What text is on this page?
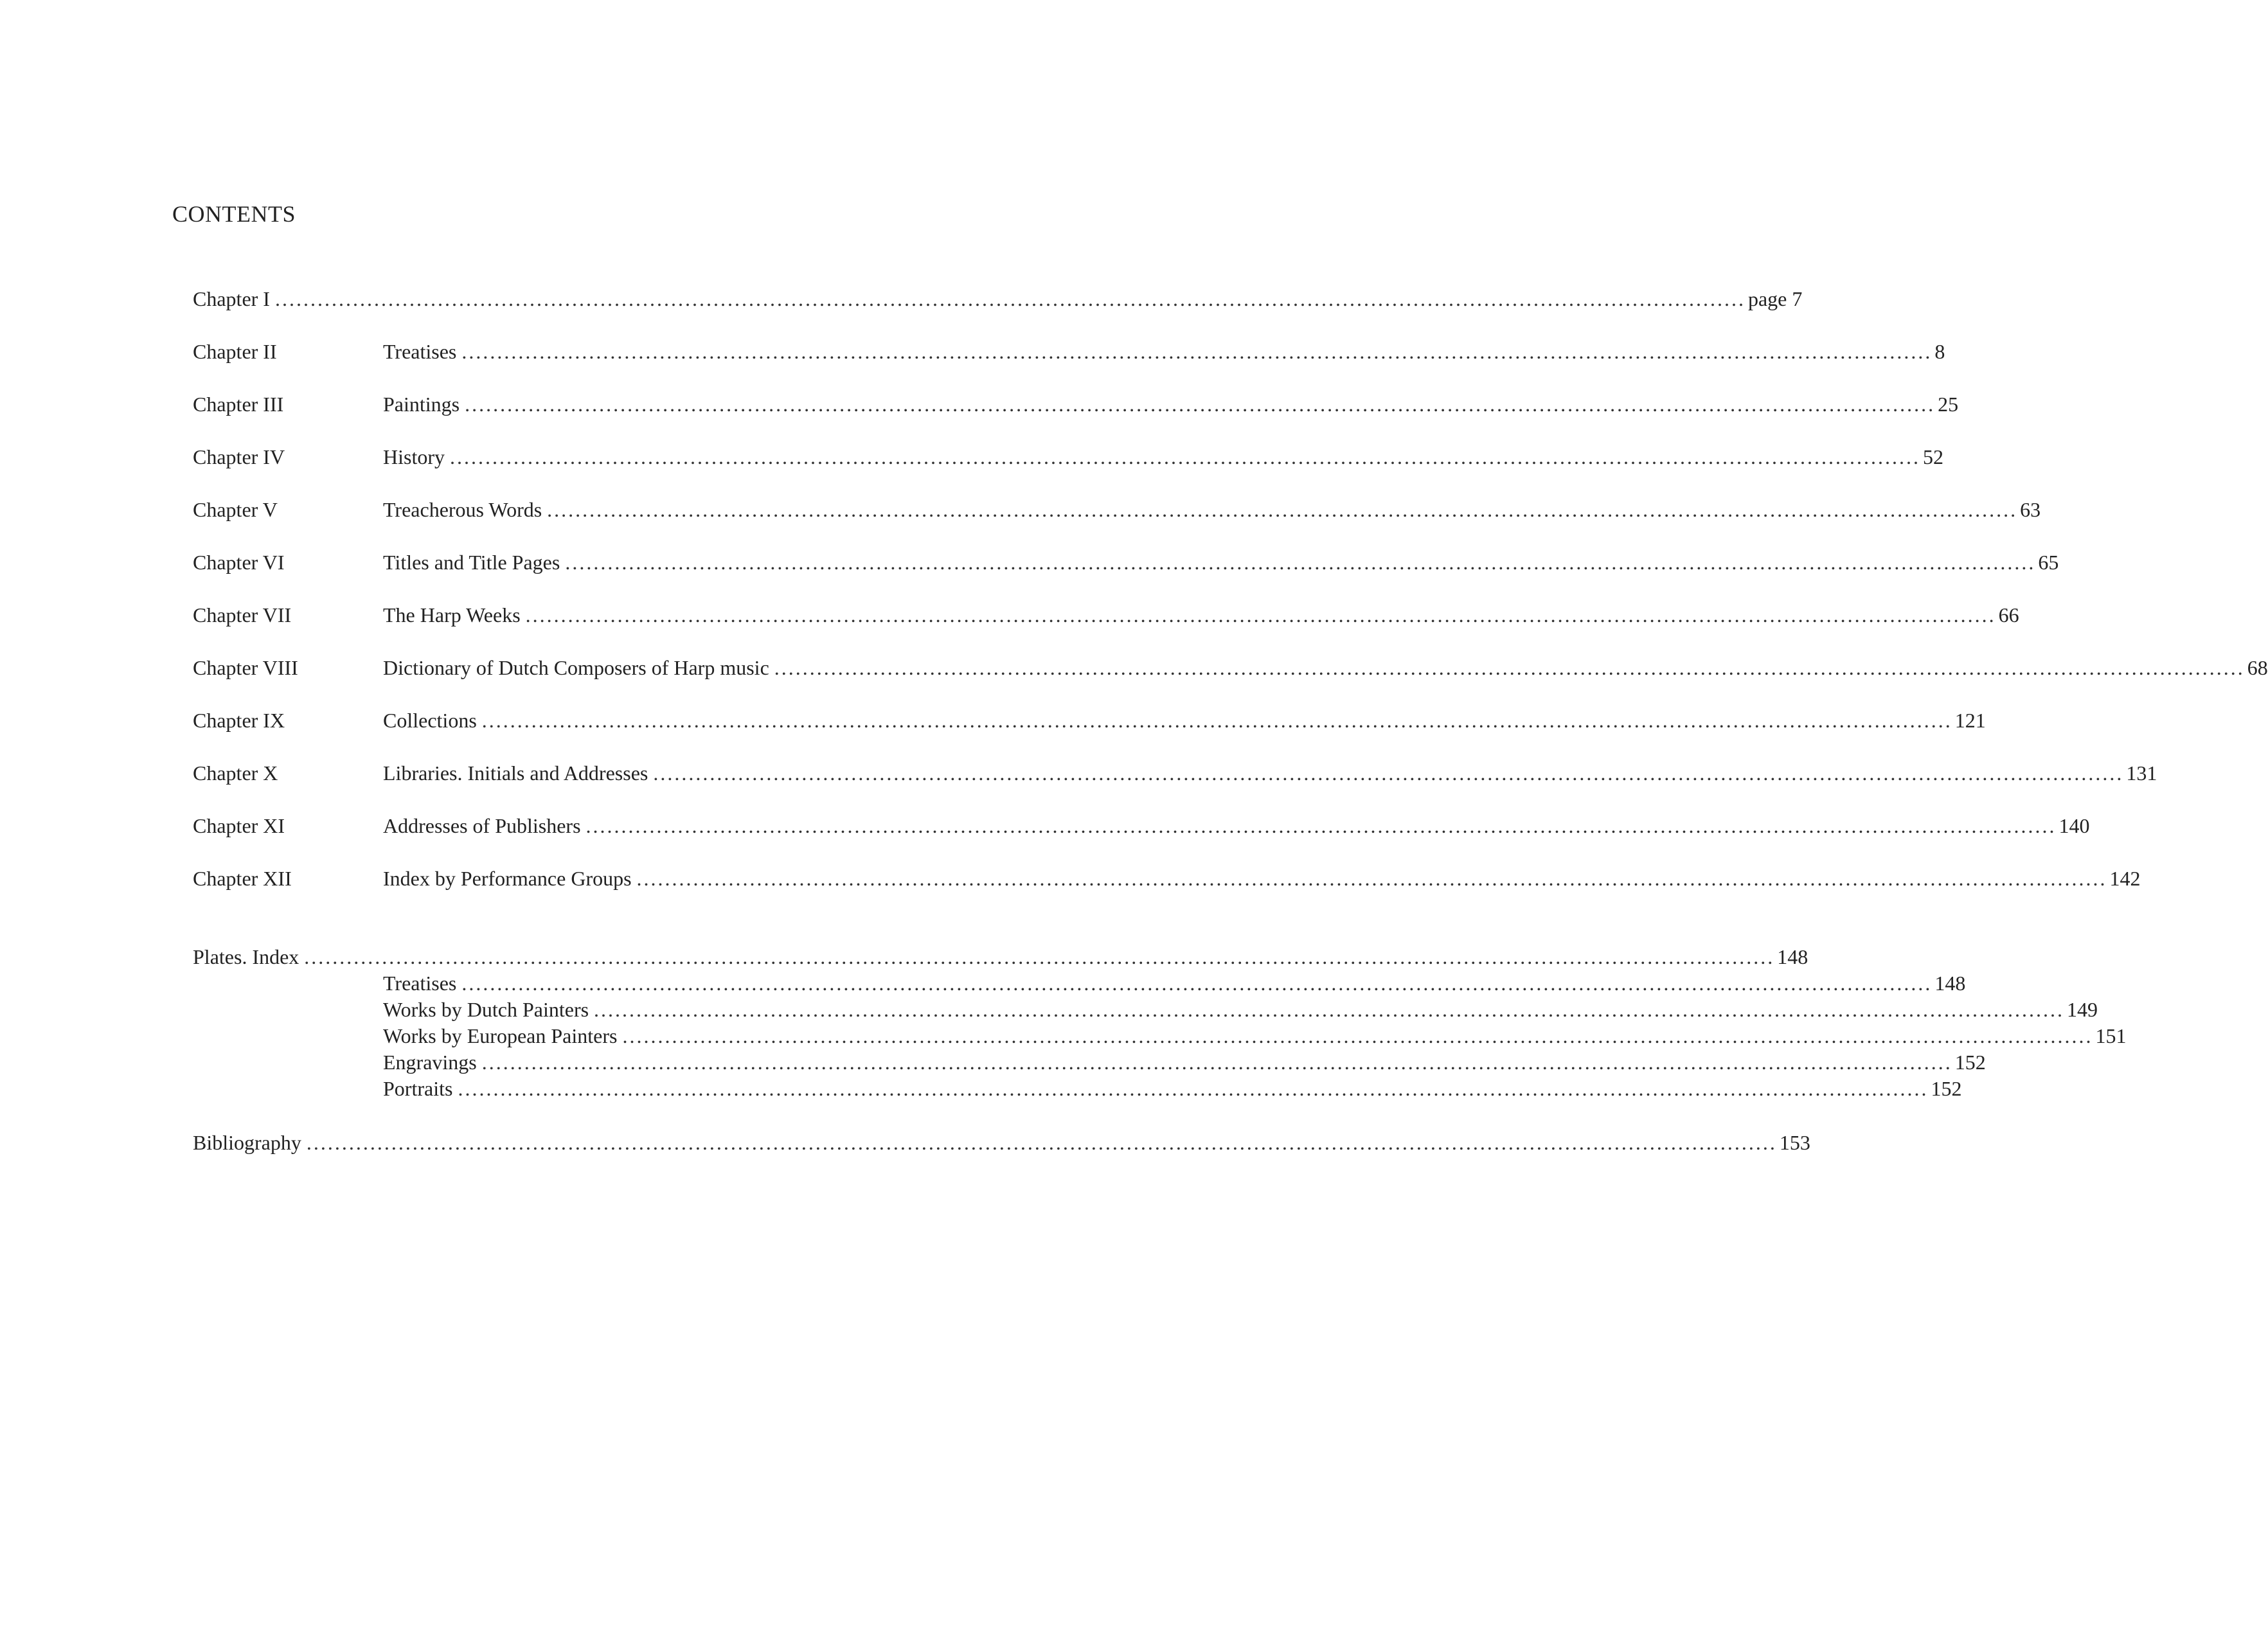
CONTENTS
Chapter I ................................................................................................................................................................................................................ page 7
Chapter II	Treatises ................................................................................................................................................................................................................ 8
Chapter III	Paintings ................................................................................................................................................................................................................ 25
Chapter IV	History ................................................................................................................................................................................................................ 52
Chapter V	Treacherous Words ................................................................................................................................................................................................................ 63
Chapter VI	Titles and Title Pages ................................................................................................................................................................................................................ 65
Chapter VII	The Harp Weeks ................................................................................................................................................................................................................ 66
Chapter VIII	Dictionary of Dutch Composers of Harp music ................................................................................................................................................................................................................ 68
Chapter IX	Collections ................................................................................................................................................................................................................ 121
Chapter X	Libraries. Initials and Addresses ................................................................................................................................................................................................................ 131
Chapter XI	Addresses of Publishers ................................................................................................................................................................................................................ 140
Chapter XII	Index by Performance Groups ................................................................................................................................................................................................................ 142
Plates. Index ................................................................................................................................................................................................................ 148
Treatises ................................................................................................................................................................................................................ 148
Works by Dutch Painters ................................................................................................................................................................................................................ 149
Works by European Painters ................................................................................................................................................................................................................ 151
Engravings ................................................................................................................................................................................................................ 152
Portraits ................................................................................................................................................................................................................ 152
Bibliography ................................................................................................................................................................................................................ 153
